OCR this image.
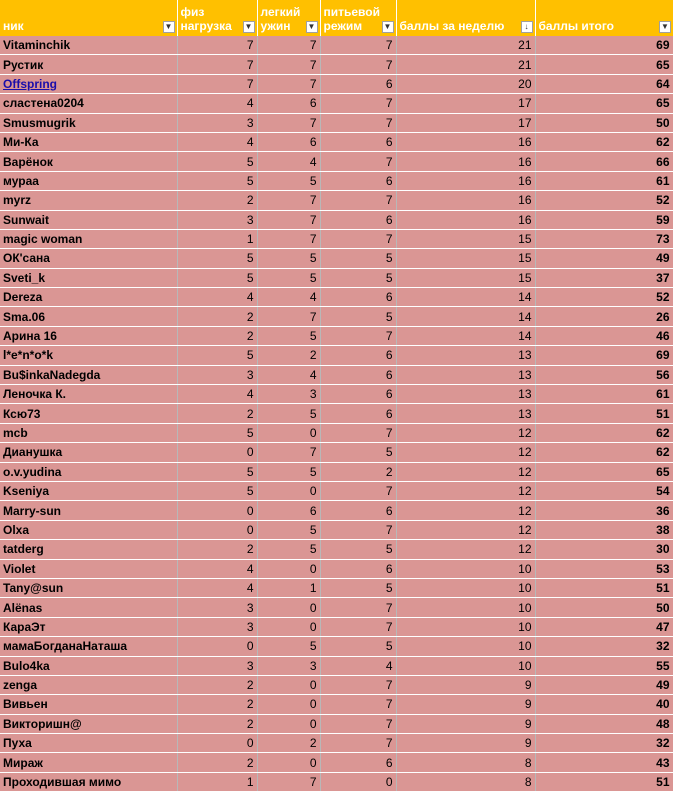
ник ▼	физ нагрузка ▼	легкий ужин ▼	питьевой режим ▼	баллы за неделю ↓	баллы итого ▼

Vitaminchik	7	7	7	21	69
Рустик	7	7	7	21	65
Offspring	7	7	6	20	64
сластена0204	4	6	7	17	65
Smusmugrik	3	7	7	17	50
Ми-Ка	4	6	6	16	62
Варёнок	5	4	7	16	66
мураа	5	5	6	16	61
myrz	2	7	7	16	52
Sunwait	3	7	6	16	59
magic woman	1	7	7	15	73
ОК'сана	5	5	5	15	49
Sveti_k	5	5	5	15	37
Dereza	4	4	6	14	52
Sma.06	2	7	5	14	26
Арина 16	2	5	7	14	46
l*e*n*o*k	5	2	6	13	69
Bu$inkaNadegda	3	4	6	13	56
Леночка К.	4	3	6	13	61
Ксю73	2	5	6	13	51
mcb	5	0	7	12	62
Дианушка	0	7	5	12	62
o.v.yudina	5	5	2	12	65
Kseniya	5	0	7	12	54
Marry-sun	0	6	6	12	36
Olxa	0	5	7	12	38
tatderg	2	5	5	12	30
Violet	4	0	6	10	53
Tany@sun	4	1	5	10	51
Alёnas	3	0	7	10	50
КараЭт	3	0	7	10	47
мамаБогданаНаташа	0	5	5	10	32
Bulo4ka	3	3	4	10	55
zenga	2	0	7	9	49
Вивьен	2	0	7	9	40
Викторишн@	2	0	7	9	48
Пуха	0	2	7	9	32
Мираж	2	0	6	8	43
Проходившая мимо	1	7	0	8	51
